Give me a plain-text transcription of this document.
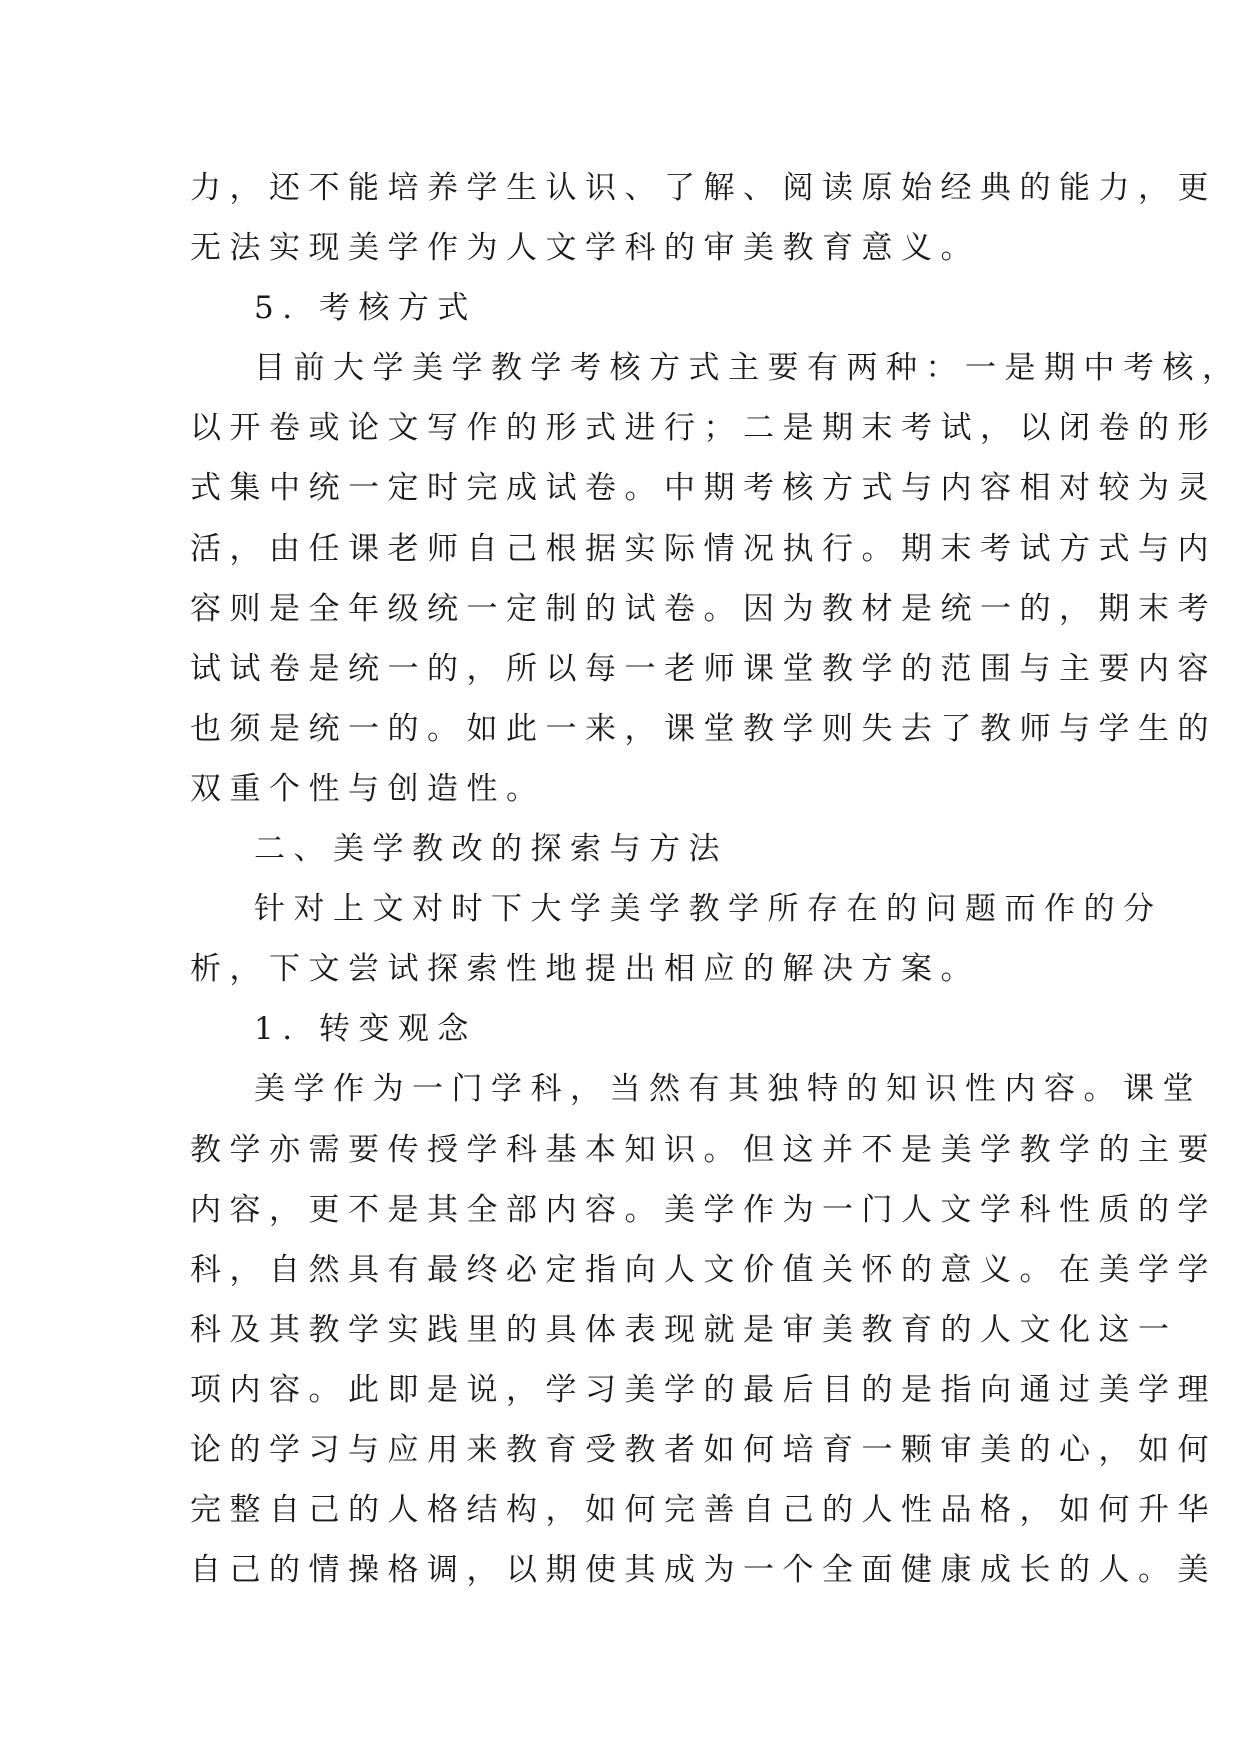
力，还不能培养学生认识、了解、阅读原始经典的能力，更
无法实现美学作为人文学科的审美教育意义。
5. 考核方式
目前大学美学教学考核方式主要有两种：一是期中考核，
以开卷或论文写作的形式进行；二是期末考试，以闭卷的形
式集中统一定时完成试卷。中期考核方式与内容相对较为灵
活，由任课老师自己根据实际情况执行。期末考试方式与内
容则是全年级统一定制的试卷。因为教材是统一的，期末考
试试卷是统一的，所以每一老师课堂教学的范围与主要内容
也须是统一的。如此一来，课堂教学则失去了教师与学生的
双重个性与创造性。
二、美学教改的探索与方法
针对上文对时下大学美学教学所存在的问题而作的分
析，下文尝试探索性地提出相应的解决方案。
1. 转变观念
美学作为一门学科，当然有其独特的知识性内容。课堂
教学亦需要传授学科基本知识。但这并不是美学教学的主要
内容，更不是其全部内容。美学作为一门人文学科性质的学
科，自然具有最终必定指向人文价值关怀的意义。在美学学
科及其教学实践里的具体表现就是审美教育的人文化这一
项内容。此即是说，学习美学的最后目的是指向通过美学理
论的学习与应用来教育受教者如何培育一颗审美的心，如何
完整自己的人格结构，如何完善自己的人性品格，如何升华
自己的情操格调，以期使其成为一个全面健康成长的人。美
